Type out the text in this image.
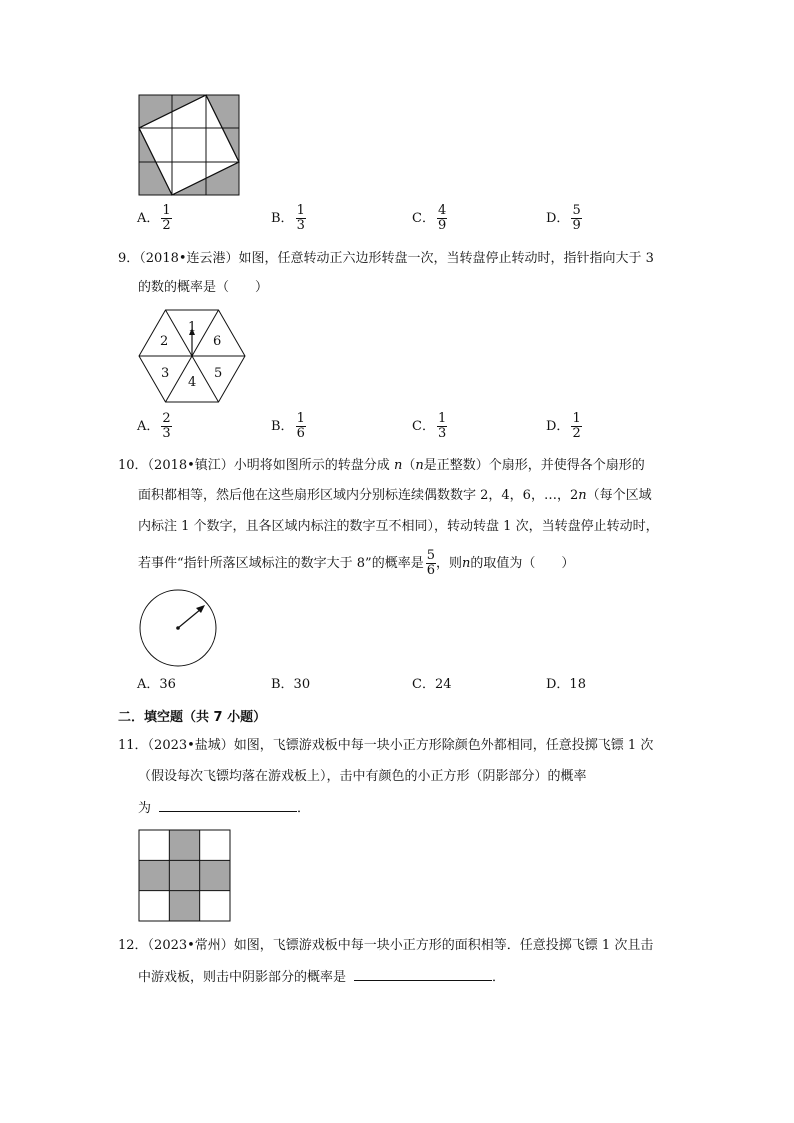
A． $\frac{1}{2}$	B． $\frac{1}{3}$	C． $\frac{4}{9}$	D． $\frac{5}{9}$
9．（2018•连云港）如图，任意转动正六边形转盘一次，当转盘停止转动时，指针指向大于 3
的数的概率是（　　）
1
2	6
3
4
5
A． $\frac{2}{3}$	B． $\frac{1}{6}$	C． $\frac{1}{3}$	D． $\frac{1}{2}$
10．（2018•镇江）小明将如图所示的转盘分成 n（n是正整数）个扇形，并使得各个扇形的
面积都相等，然后他在这些扇形区域内分别标连续偶数数字 2，4，6，…，2n（每个区域
内标注 1 个数字，且各区域内标注的数字互不相同），转动转盘 1 次，当转盘停止转动时，
若事件“指针所落区域标注的数字大于 8”的概率是 $\frac{5}{6}$ ，则n的取值为（　　）
A．36	B．30	C．24	D．18
二．填空题（共 7 小题）
11．（2023•盐城）如图，飞镖游戏板中每一块小正方形除颜色外都相同，任意投掷飞镖 1 次
（假设每次飞镖均落在游戏板上），击中有颜色的小正方形（阴影部分）的概率
为	．
12．（2023•常州）如图，飞镖游戏板中每一块小正方形的面积相等．任意投掷飞镖 1 次且击
中游戏板，则击中阴影部分的概率是	．
